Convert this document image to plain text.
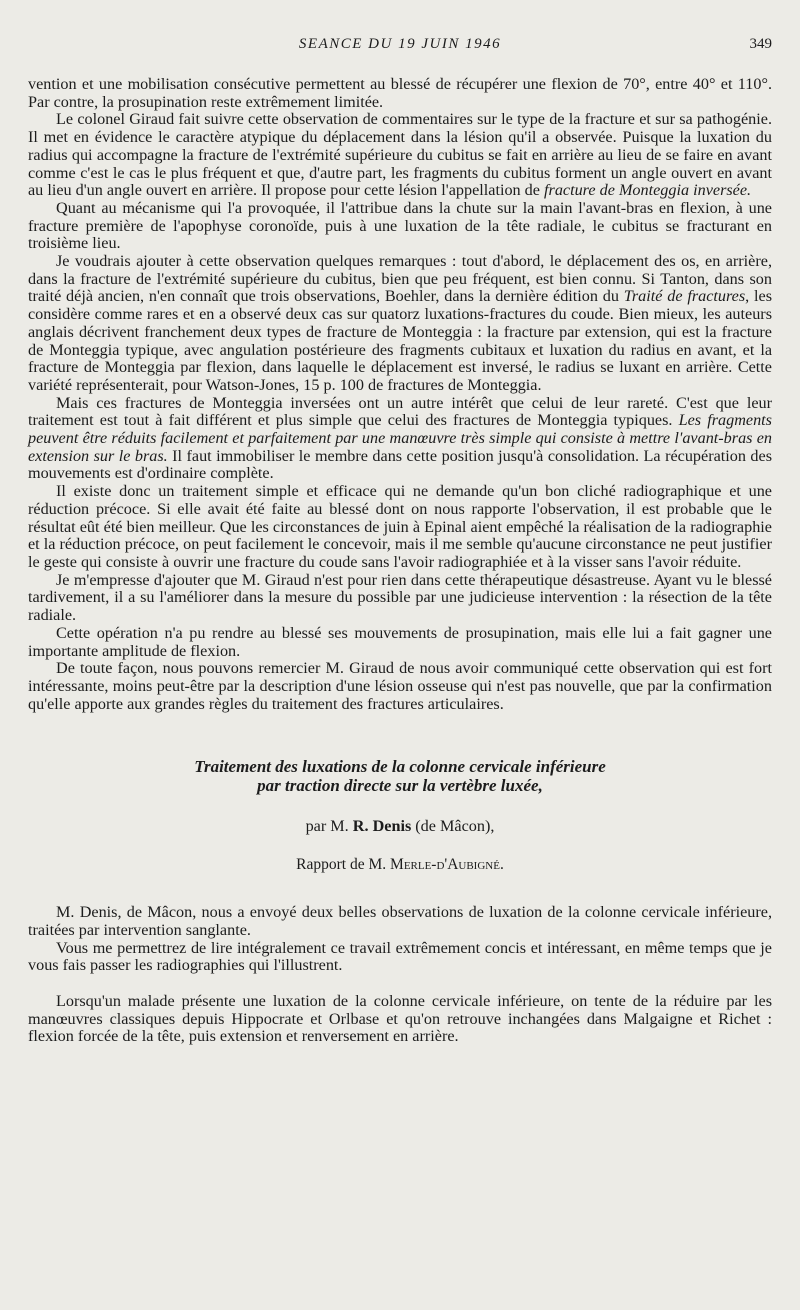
SEANCE DU 19 JUIN 1946	349

vention et une mobilisation consécutive permettent au blessé de récupérer une flexion de 70°, entre 40° et 110°. Par contre, la prosupination reste extrêmement limitée.

Le colonel Giraud fait suivre cette observation de commentaires sur le type de la fracture et sur sa pathogénie. Il met en évidence le caractère atypique du déplacement dans la lésion qu'il a observée. Puisque la luxation du radius qui accompagne la fracture de l'extrémité supérieure du cubitus se fait en arrière au lieu de se faire en avant comme c'est le cas le plus fréquent et que, d'autre part, les fragments du cubitus forment un angle ouvert en avant au lieu d'un angle ouvert en arrière. Il propose pour cette lésion l'appellation de fracture de Monteggia inversée.

Quant au mécanisme qui l'a provoquée, il l'attribue dans la chute sur la main l'avant-bras en flexion, à une fracture première de l'apophyse coronoïde, puis à une luxation de la tête radiale, le cubitus se fracturant en troisième lieu.

Je voudrais ajouter à cette observation quelques remarques : tout d'abord, le déplacement des os, en arrière, dans la fracture de l'extrémité supérieure du cubitus, bien que peu fréquent, est bien connu. Si Tanton, dans son traité déjà ancien, n'en connaît que trois observations, Boehler, dans la dernière édition du Traité de fractures, les considère comme rares et en a observé deux cas sur quatorz luxations-fractures du coude. Bien mieux, les auteurs anglais décrivent franchement deux types de fracture de Monteggia : la fracture par extension, qui est la fracture de Monteggia typique, avec angulation postérieure des fragments cubitaux et luxation du radius en avant, et la fracture de Monteggia par flexion, dans laquelle le déplacement est inversé, le radius se luxant en arrière. Cette variété représenterait, pour Watson-Jones, 15 p. 100 de fractures de Monteggia.

Mais ces fractures de Monteggia inversées ont un autre intérêt que celui de leur rareté. C'est que leur traitement est tout à fait différent et plus simple que celui des fractures de Monteggia typiques. Les fragments peuvent être réduits facilement et parfaitement par une manœuvre très simple qui consiste à mettre l'avant-bras en extension sur le bras. Il faut immobiliser le membre dans cette position jusqu'à consolidation. La récupération des mouvements est d'ordinaire complète.

Il existe donc un traitement simple et efficace qui ne demande qu'un bon cliché radiographique et une réduction précoce. Si elle avait été faite au blessé dont on nous rapporte l'observation, il est probable que le résultat eût été bien meilleur. Que les circonstances de juin à Epinal aient empêché la réalisation de la radiographie et la réduction précoce, on peut facilement le concevoir, mais il me semble qu'aucune circonstance ne peut justifier le geste qui consiste à ouvrir une fracture du coude sans l'avoir radiographiée et à la visser sans l'avoir réduite.

Je m'empresse d'ajouter que M. Giraud n'est pour rien dans cette thérapeutique désastreuse. Ayant vu le blessé tardivement, il a su l'améliorer dans la mesure du possible par une judicieuse intervention : la résection de la tête radiale.

Cette opération n'a pu rendre au blessé ses mouvements de prosupination, mais elle lui a fait gagner une importante amplitude de flexion.

De toute façon, nous pouvons remercier M. Giraud de nous avoir communiqué cette observation qui est fort intéressante, moins peut-être par la description d'une lésion osseuse qui n'est pas nouvelle, que par la confirmation qu'elle apporte aux grandes règles du traitement des fractures articulaires.

Traitement des luxations de la colonne cervicale inférieure
par traction directe sur la vertèbre luxée,
par M. R. Denis (de Mâcon),
Rapport de M. Merle-d'Aubigné.

M. Denis, de Mâcon, nous a envoyé deux belles observations de luxation de la colonne cervicale inférieure, traitées par intervention sanglante.

Vous me permettrez de lire intégralement ce travail extrêmement concis et intéressant, en même temps que je vous fais passer les radiographies qui l'illustrent.

Lorsqu'un malade présente une luxation de la colonne cervicale inférieure, on tente de la réduire par les manœuvres classiques depuis Hippocrate et Orlbase et qu'on retrouve inchangées dans Malgaigne et Richet : flexion forcée de la tête, puis extension et renversement en arrière.
